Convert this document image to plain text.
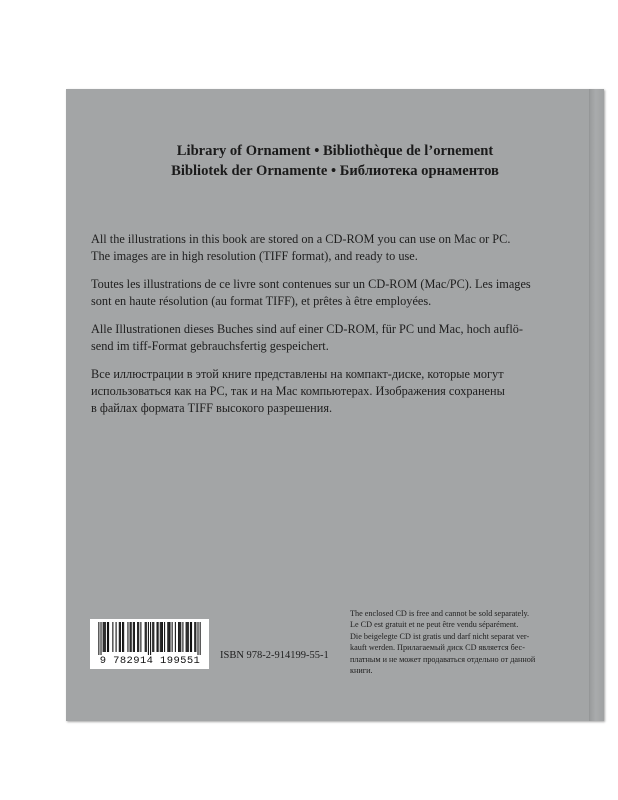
Library of Ornament • Bibliothèque de l’ornement
Bibliotek der Ornamente • Библиотека орнаментов
All the illustrations in this book are stored on a CD-ROM you can use on Mac or PC.
The images are in high resolution (TIFF format), and ready to use.
Toutes les illustrations de ce livre sont contenues sur un CD-ROM (Mac/PC). Les images
sont en haute résolution (au format TIFF), et prêtes à être employées.
Alle Illustrationen dieses Buches sind auf einer CD-ROM, für PC und Mac, hoch auflö-
send im tiff-Format gebrauchsfertig gespeichert.
Все иллюстрации в этой книге представлены на компакт-диске, которые могут
использоваться как на PC, так и на Mac компьютерах. Изображения сохранены
в файлах формата TIFF высокого разрешения.
9 782914 199551	ISBN 978-2-914199-55-1
The enclosed CD is free and cannot be sold separately.
Le CD est gratuit et ne peut être vendu séparément.
Die beigelegte CD ist gratis und darf nicht separat ver-
kauft werden. Прилагаемый диск CD является бес-
платным и не может продаваться отдельно от данной
книги.
